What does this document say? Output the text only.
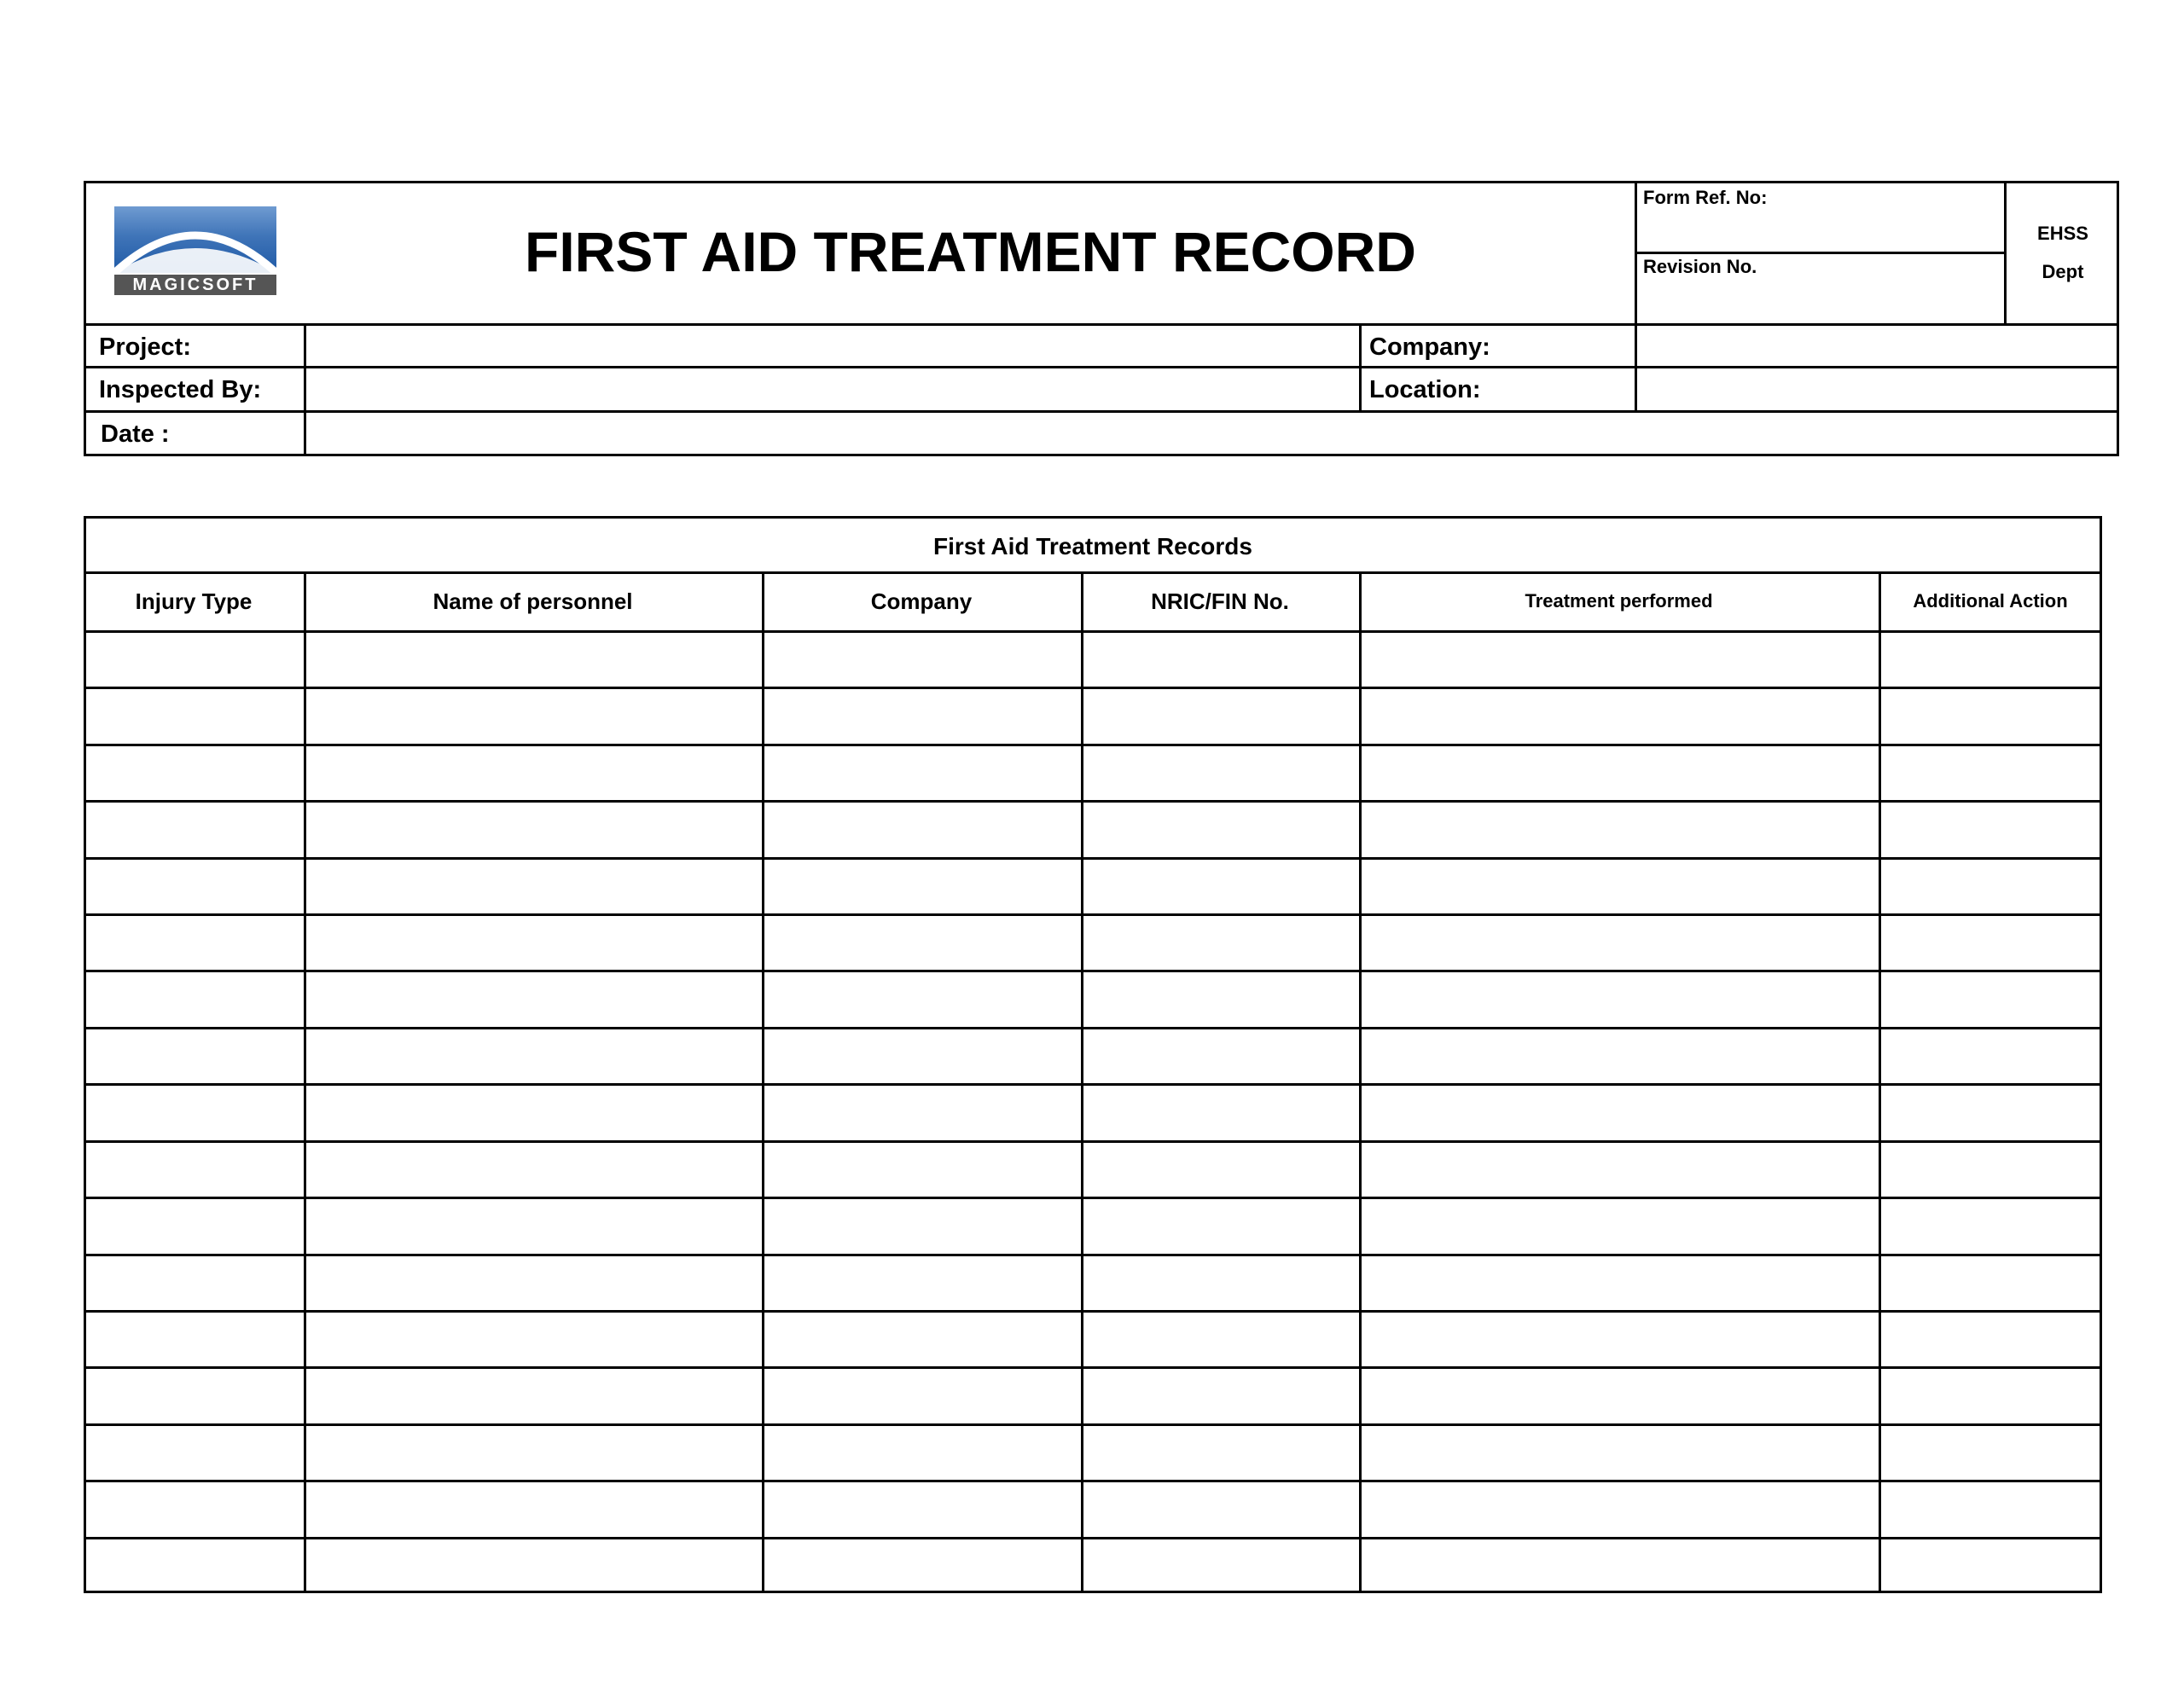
MAGICSOFT
FIRST AID TREATMENT RECORD
Form Ref. No:
Revision No.
EHSS
Dept
Project:	Company:
Inspected By:	Location:
Date :
First Aid Treatment Records
Injury Type	Name of personnel	Company	NRIC/FIN No.	Treatment performed	Additional Action
